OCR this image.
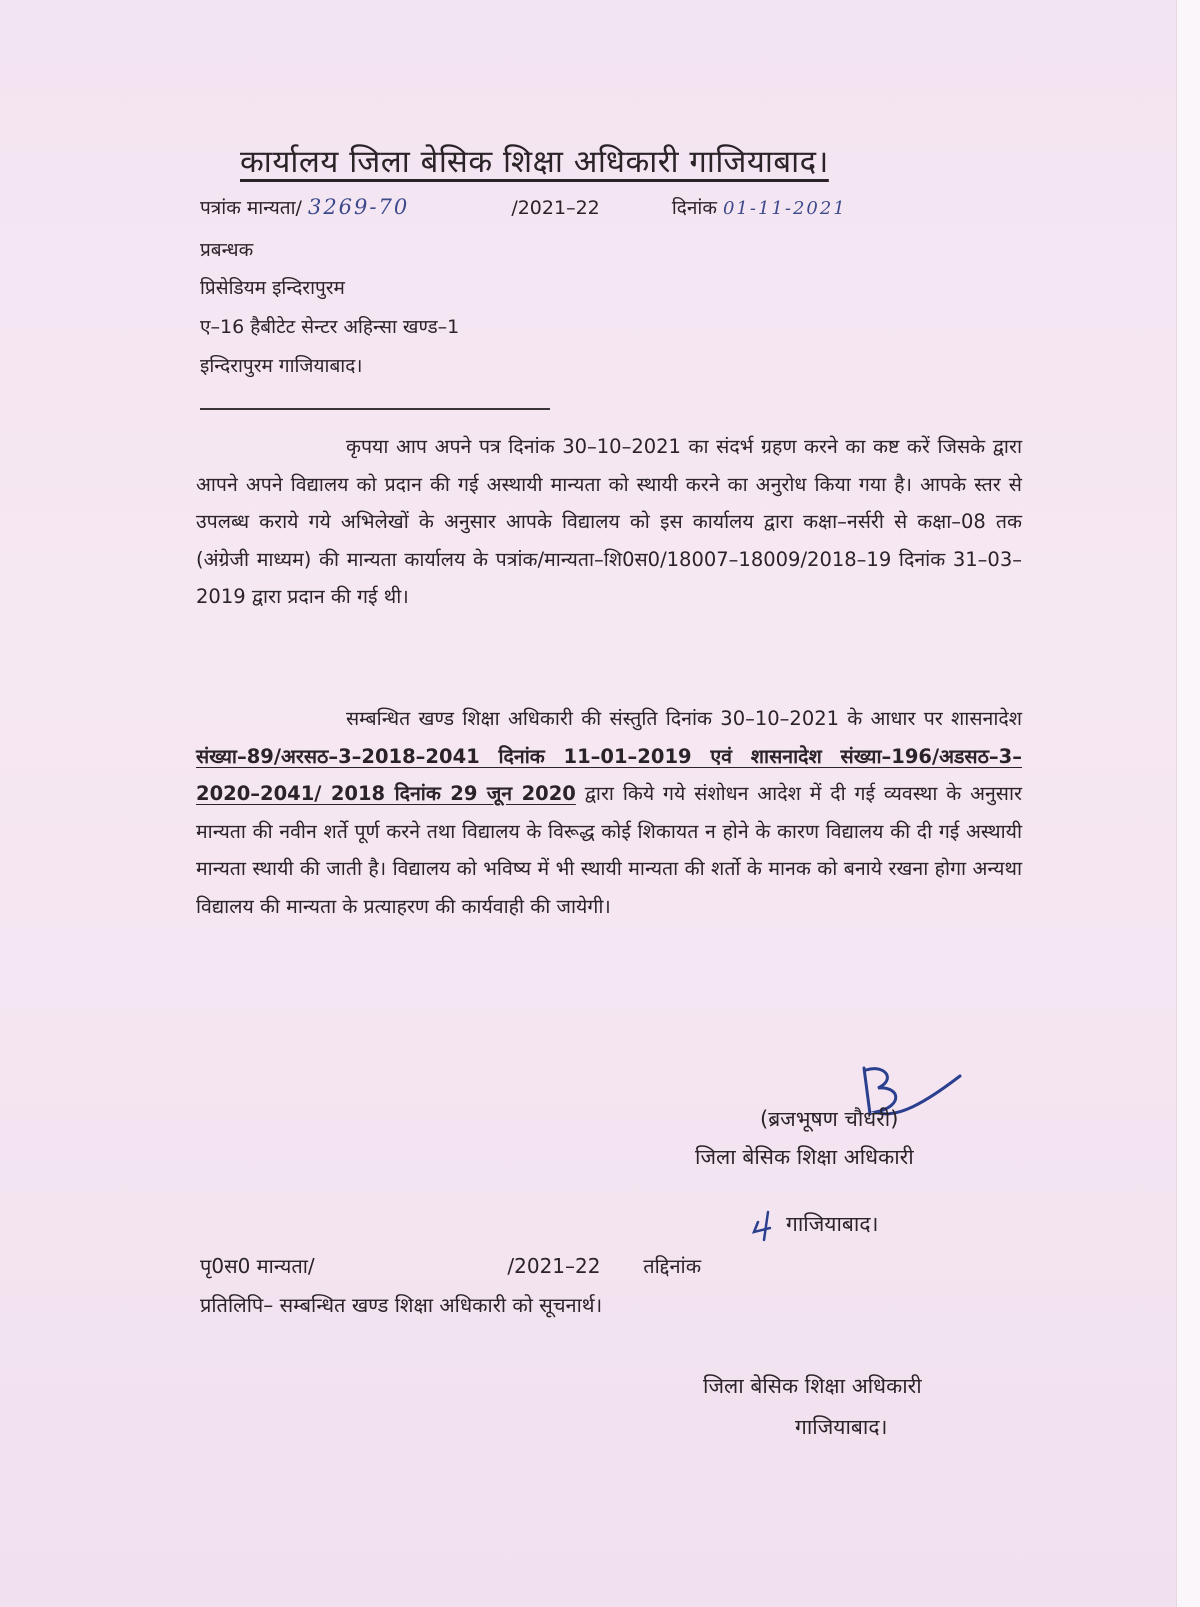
कार्यालय जिला बेसिक शिक्षा अधिकारी गाजियाबाद।
पत्रांक मान्यता/ 3269-70	/2021–22	दिनांक 01-11-2021
प्रबन्धक
प्रिसेडियम इन्दिरापुरम
ए–16 हैबीटेट सेन्टर अहिन्सा खण्ड–1
इन्दिरापुरम गाजियाबाद।

कृपया आप अपने पत्र दिनांक 30–10–2021 का संदर्भ ग्रहण करने का कष्ट करें जिसके द्वारा आपने अपने विद्यालय को प्रदान की गई अस्थायी मान्यता को स्थायी करने का अनुरोध किया गया है। आपके स्तर से उपलब्ध कराये गये अभिलेखों के अनुसार आपके विद्यालय को इस कार्यालय द्वारा कक्षा–नर्सरी से कक्षा–08 तक (अंग्रेजी माध्यम) की मान्यता कार्यालय के पत्रांक/मान्यता–शि0स0/18007–18009/2018–19 दिनांक 31–03–2019 द्वारा प्रदान की गई थी।

सम्बन्धित खण्ड शिक्षा अधिकारी की संस्तुति दिनांक 30–10–2021 के आधार पर शासनादेश संख्या–89/अरसठ–3–2018–2041 दिनांक 11–01–2019 एवं शासनादेश संख्या–196/अडसठ–3–2020–2041/ 2018 दिनांक 29 जून 2020 द्वारा किये गये संशोधन आदेश में दी गई व्यवस्था के अनुसार मान्यता की नवीन शर्ते पूर्ण करने तथा विद्यालय के विरूद्ध कोई शिकायत न होने के कारण विद्यालय की दी गई अस्थायी मान्यता स्थायी की जाती है। विद्यालय को भविष्य में भी स्थायी मान्यता की शर्तो के मानक को बनाये रखना होगा अन्यथा विद्यालय की मान्यता के प्रत्याहरण की कार्यवाही की जायेगी।

(ब्रजभूषण चौधरी)
जिला बेसिक शिक्षा अधिकारी
गाजियाबाद।
पृ0स0 मान्यता/	/2021–22 तद्दिनांक
प्रतिलिपि– सम्बन्धित खण्ड शिक्षा अधिकारी को सूचनार्थ।
जिला बेसिक शिक्षा अधिकारी
गाजियाबाद।
